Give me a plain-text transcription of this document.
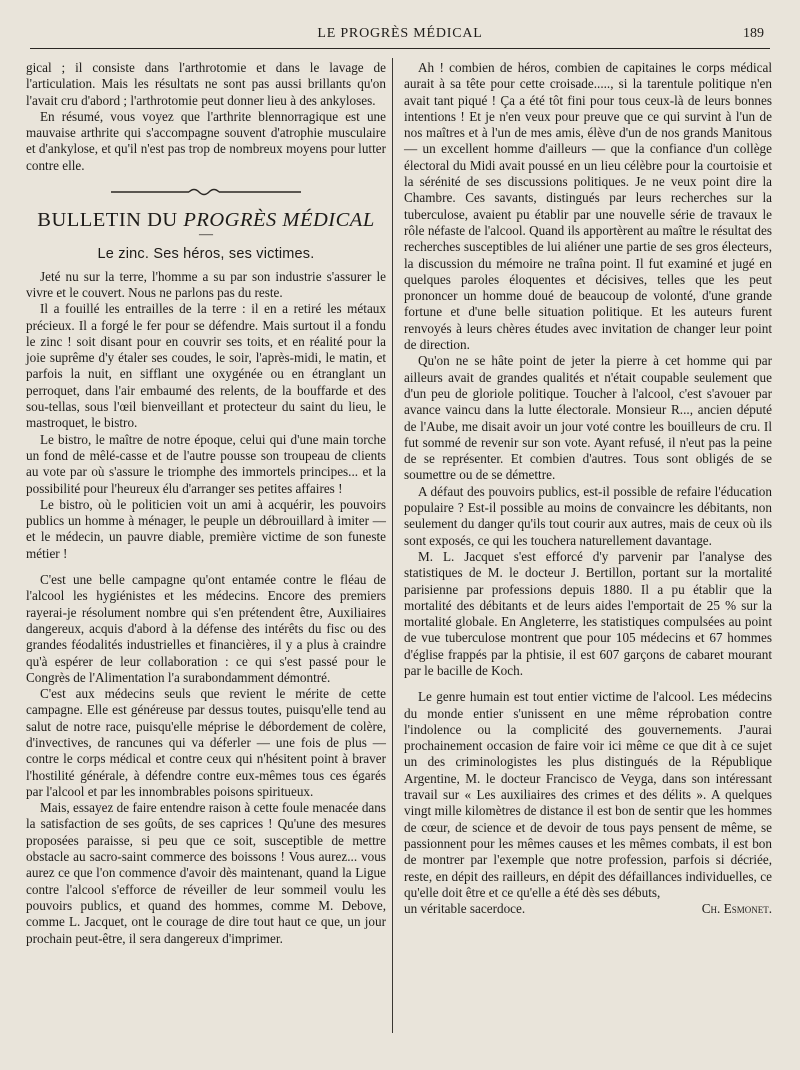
LE PROGRÈS MÉDICAL	189

gical ; il consiste dans l'arthrotomie et dans le lavage de l'articulation. Mais les résultats ne sont pas aussi brillants qu'on l'avait cru d'abord ; l'arthrotomie peut donner lieu à des ankyloses.

En résumé, vous voyez que l'arthrite blennorragique est une mauvaise arthrite qui s'accompagne souvent d'atrophie musculaire et d'ankylose, et qu'il n'est pas trop de nombreux moyens pour lutter contre elle.

BULLETIN DU PROGRÈS MÉDICAL
—
Le zinc. Ses héros, ses victimes.

Jeté nu sur la terre, l'homme a su par son industrie s'assurer le vivre et le couvert. Nous ne parlons pas du reste.

Il a fouillé les entrailles de la terre : il en a retiré les métaux précieux. Il a forgé le fer pour se défendre. Mais surtout il a fondu le zinc ! soit disant pour en couvrir ses toits, et en réalité pour la joie suprême d'y étaler ses coudes, le soir, l'après-midi, le matin, et parfois la nuit, en sifflant une oxygénée ou en étranglant un perroquet, dans l'air embaumé des relents, de la bouffarde et des sou-tellas, sous l'œil bienveillant et protecteur du saint du lieu, le mastroquet, le bistro.

Le bistro, le maître de notre époque, celui qui d'une main torche un fond de mêlé-casse et de l'autre pousse son troupeau de clients au vote par où s'assure le triomphe des immortels principes... et la possibilité pour l'heureux élu d'arranger ses petites affaires !

Le bistro, où le politicien voit un ami à acquérir, les pouvoirs publics un homme à ménager, le peuple un débrouillard à imiter — et le médecin, un pauvre diable, première victime de son funeste métier !

C'est une belle campagne qu'ont entamée contre le fléau de l'alcool les hygiénistes et les médecins. Encore des premiers rayerai-je résolument nombre qui s'en prétendent être, Auxiliaires dangereux, acquis d'abord à la défense des intérêts du fisc ou des grandes féodalités industrielles et financières, il y a plus à craindre qu'à espérer de leur collaboration : ce qui s'est passé pour le Congrès de l'Alimentation l'a surabondamment démontré.

C'est aux médecins seuls que revient le mérite de cette campagne. Elle est généreuse par dessus toutes, puisqu'elle tend au salut de notre race, puisqu'elle méprise le débordement de colère, d'invectives, de rancunes qui va déferler — une fois de plus — contre le corps médical et contre ceux qui n'hésitent point à braver l'hostilité générale, à défendre contre eux-mêmes tous ces égarés par l'alcool et par les innombrables poisons spiritueux.

Mais, essayez de faire entendre raison à cette foule menacée dans la satisfaction de ses goûts, de ses caprices ! Qu'une des mesures proposées paraisse, si peu que ce soit, susceptible de mettre obstacle au sacro-saint commerce des boissons ! Vous aurez... vous aurez ce que l'on commence d'avoir dès maintenant, quand la Ligue contre l'alcool s'efforce de réveiller de leur sommeil voulu les pouvoirs publics, et quand des hommes, comme M. Debove, comme L. Jacquet, ont le courage de dire tout haut ce que, un jour prochain peut-être, il sera dangereux d'imprimer.

Ah ! combien de héros, combien de capitaines le corps médical aurait à sa tête pour cette croisade....., si la tarentule politique n'en avait tant piqué ! Ça a été tôt fini pour tous ceux-là de leurs bonnes intentions ! Et je n'en veux pour preuve que ce qui survint à l'un de nos maîtres et à l'un de mes amis, élève d'un de nos grands Manitous — un excellent homme d'ailleurs — que la confiance d'un collège électoral du Midi avait poussé en un lieu célèbre pour la courtoisie et la sérénité de ses discussions politiques. Je ne veux point dire la Chambre. Ces savants, distingués par leurs recherches sur la tuberculose, avaient pu établir par une nouvelle série de travaux le rôle néfaste de l'alcool. Quand ils apportèrent au maître le résultat des recherches susceptibles de lui aliéner une partie de ses gros électeurs, la discussion du mémoire ne traîna point. Il fut examiné et jugé en quelques paroles éloquentes et décisives, telles que les peut prononcer un homme doué de beaucoup de volonté, d'une grande fortune et d'une belle situation politique. Et les auteurs furent renvoyés à leurs chères études avec invitation de changer leur point de direction.

Qu'on ne se hâte point de jeter la pierre à cet homme qui par ailleurs avait de grandes qualités et n'était coupable seulement que d'un peu de gloriole politique. Toucher à l'alcool, c'est s'avouer par avance vaincu dans la lutte électorale. Monsieur R..., ancien député de l'Aube, me disait avoir un jour voté contre les bouilleurs de cru. Il fut sommé de revenir sur son vote. Ayant refusé, il n'eut pas la peine de se représenter. Et combien d'autres. Tous sont obligés de se soumettre ou de se démettre.

A défaut des pouvoirs publics, est-il possible de refaire l'éducation populaire ? Est-il possible au moins de convaincre les débitants, non seulement du danger qu'ils tout courir aux autres, mais de ceux où ils sont exposés, ce qui les touchera naturellement davantage.

M. L. Jacquet s'est efforcé d'y parvenir par l'analyse des statistiques de M. le docteur J. Bertillon, portant sur la mortalité parisienne par professions depuis 1880. Il a pu établir que la mortalité des débitants et de leurs aides l'emportait de 25 % sur la mortalité globale. En Angleterre, les statistiques compulsées au point de vue tuberculose montrent que pour 105 médecins et 67 hommes d'église frappés par la phtisie, il est 607 garçons de cabaret mourant par le bacille de Koch.

Le genre humain est tout entier victime de l'alcool. Les médecins du monde entier s'unissent en une même réprobation contre l'indolence ou la complicité des gouvernements. J'aurai prochainement occasion de faire voir ici même ce que dit à ce sujet un des criminologistes les plus distingués de la République Argentine, M. le docteur Francisco de Veyga, dans son intéressant travail sur « Les auxiliaires des crimes et des délits ». A quelques vingt mille kilomètres de distance il est bon de sentir que les hommes de cœur, de science et de devoir de tous pays pensent de même, se passionnent pour les mêmes causes et les mêmes combats, il est bon de montrer par l'exemple que notre profession, parfois si décriée, reste, en dépit des railleurs, en dépit des défaillances individuelles, ce qu'elle doit être et ce qu'elle a été dès ses débuts,

un véritable sacerdoce.	Ch. Esmonet.
